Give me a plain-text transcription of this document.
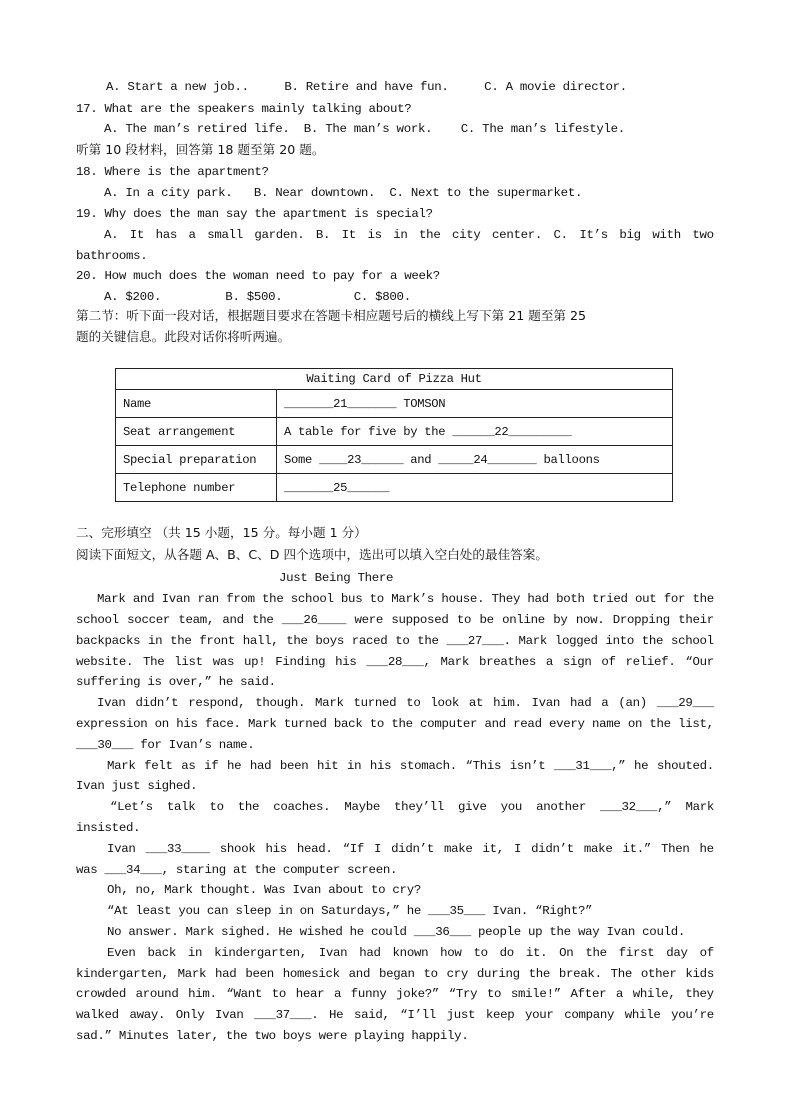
A. Start a new job..     B. Retire and have fun.     C. A movie director.
17. What are the speakers mainly talking about?
A. The man’s retired life.  B. The man’s work.    C. The man’s lifestyle.
听第 10 段材料，回答第 18 题至第 20 题。
18. Where is the apartment?
A. In a city park.   B. Near downtown.  C. Next to the supermarket.
19. Why does the man say the apartment is special?
A. It has a small garden. B. It is in the city center. C. It’s big with two
bathrooms.
20. How much does the woman need to pay for a week?
A. $200.         B. $500.          C. $800.
第二节：听下面一段对话，根据题目要求在答题卡相应题号后的横线上写下第 21 题至第 25
题的关键信息。此段对话你将听两遍。
Waiting Card of Pizza Hut	
Name	_______21_______ TOMSON
Seat arrangement	A table for five by the ______22_________
Special preparation	Some ____23______ and _____24_______ balloons
Telephone number	_______25______
二、完形填空 （共 15 小题，15 分。每小题 1 分）
阅读下面短文，从各题 A、B、C、D 四个选项中，选出可以填入空白处的最佳答案。
Just Being There
Mark and Ivan ran from the school bus to Mark’s house. They had both tried out for the
school soccer team, and the ___26____ were supposed to be online by now. Dropping their
backpacks in the front hall, the boys raced to the ___27___. Mark logged into the school
website. The list was up! Finding his ___28___, Mark breathes a sign of relief. “Our
suffering is over,” he said.
Ivan didn’t respond, though. Mark turned to look at him. Ivan had a (an) ___29___
expression on his face. Mark turned back to the computer and read every name on the list,
___30___ for Ivan’s name.
Mark felt as if he had been hit in his stomach. “This isn’t ___31___,” he shouted.
Ivan just sighed.
“Let’s talk to the coaches. Maybe they’ll give you another ___32___,” Mark
insisted.
Ivan ___33____ shook his head. “If I didn’t make it, I didn’t make it.” Then he
was ___34___, staring at the computer screen.
Oh, no, Mark thought. Was Ivan about to cry?
“At least you can sleep in on Saturdays,” he ___35___ Ivan. “Right?”
No answer. Mark sighed. He wished he could ___36___ people up the way Ivan could.
Even back in kindergarten, Ivan had known how to do it. On the first day of
kindergarten, Mark had been homesick and began to cry during the break. The other kids
crowded around him. “Want to hear a funny joke?” “Try to smile!” After a while, they
walked away. Only Ivan ___37___. He said, “I’ll just keep your company while you’re
sad.” Minutes later, the two boys were playing happily.
